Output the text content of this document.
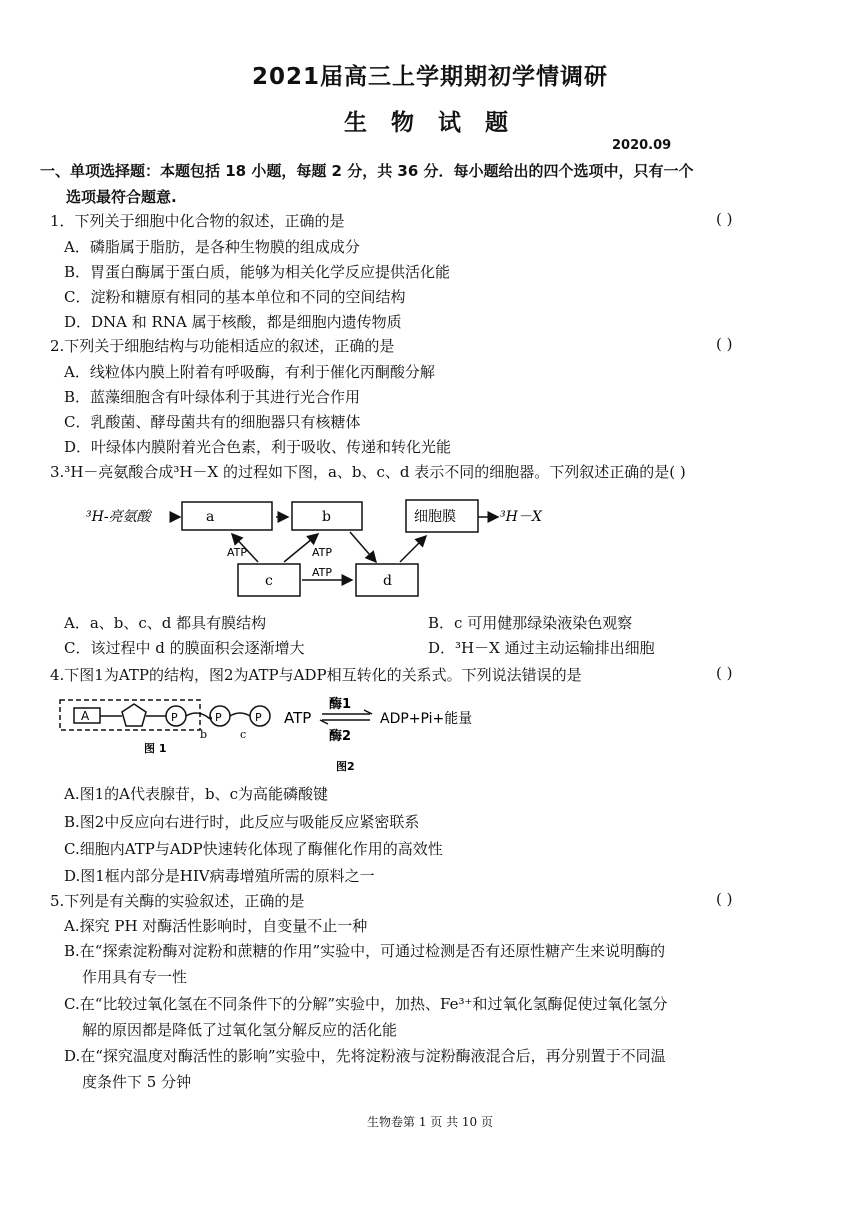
2021届高三上学期期初学情调研
生 物 试 题
2020.09
一、单项选择题：本题包括 18 小题，每题 2 分，共 36 分．每小题给出的四个选项中，只有一个
选项最符合题意.
1．下列关于细胞中化合物的叙述，正确的是	( )
A．磷脂属于脂肪，是各种生物膜的组成成分
B．胃蛋白酶属于蛋白质，能够为相关化学反应提供活化能
C．淀粉和糖原有相同的基本单位和不同的空间结构
D．DNA 和 RNA 属于核酸，都是细胞内遗传物质
2.下列关于细胞结构与功能相适应的叙述，正确的是	( )
A．线粒体内膜上附着有呼吸酶，有利于催化丙酮酸分解
B．蓝藻细胞含有叶绿体利于其进行光合作用
C．乳酸菌、酵母菌共有的细胞器只有核糖体
D．叶绿体内膜附着光合色素，利于吸收、传递和转化光能
3.³H－亮氨酸合成³H－X 的过程如下图，a、b、c、d 表示不同的细胞器。下列叙述正确的是( )
³H-亮氨酸	a	b	细胞膜	³H－X
c	d
ATP	ATP
ATP
A．a、b、c、d 都具有膜结构	B．c 可用健那绿染液染色观察
C．该过程中 d 的膜面积会逐渐增大	D．³H－X 通过主动运输排出细胞
4.下图1为ATP的结构，图2为ATP与ADP相互转化的关系式。下列说法错误的是	( )
A	P	P	P
b	c
图 1
ATP
酶1
酶2
ADP+Pi+能量
图2
A.图1的A代表腺苷，b、c为高能磷酸键
B.图2中反应向右进行时，此反应与吸能反应紧密联系
C.细胞内ATP与ADP快速转化体现了酶催化作用的高效性
D.图1框内部分是HIV病毒增殖所需的原料之一
5.下列是有关酶的实验叙述，正确的是	( )
A.探究 PH 对酶活性影响时，自变量不止一种
B.在“探索淀粉酶对淀粉和蔗糖的作用”实验中，可通过检测是否有还原性糖产生来说明酶的
作用具有专一性
C.在“比较过氧化氢在不同条件下的分解”实验中，加热、Fe³⁺和过氧化氢酶促使过氧化氢分
解的原因都是降低了过氧化氢分解反应的活化能
D.在“探究温度对酶活性的影响”实验中，先将淀粉液与淀粉酶液混合后，再分别置于不同温
度条件下 5 分钟
生物卷第 1 页 共 10 页
